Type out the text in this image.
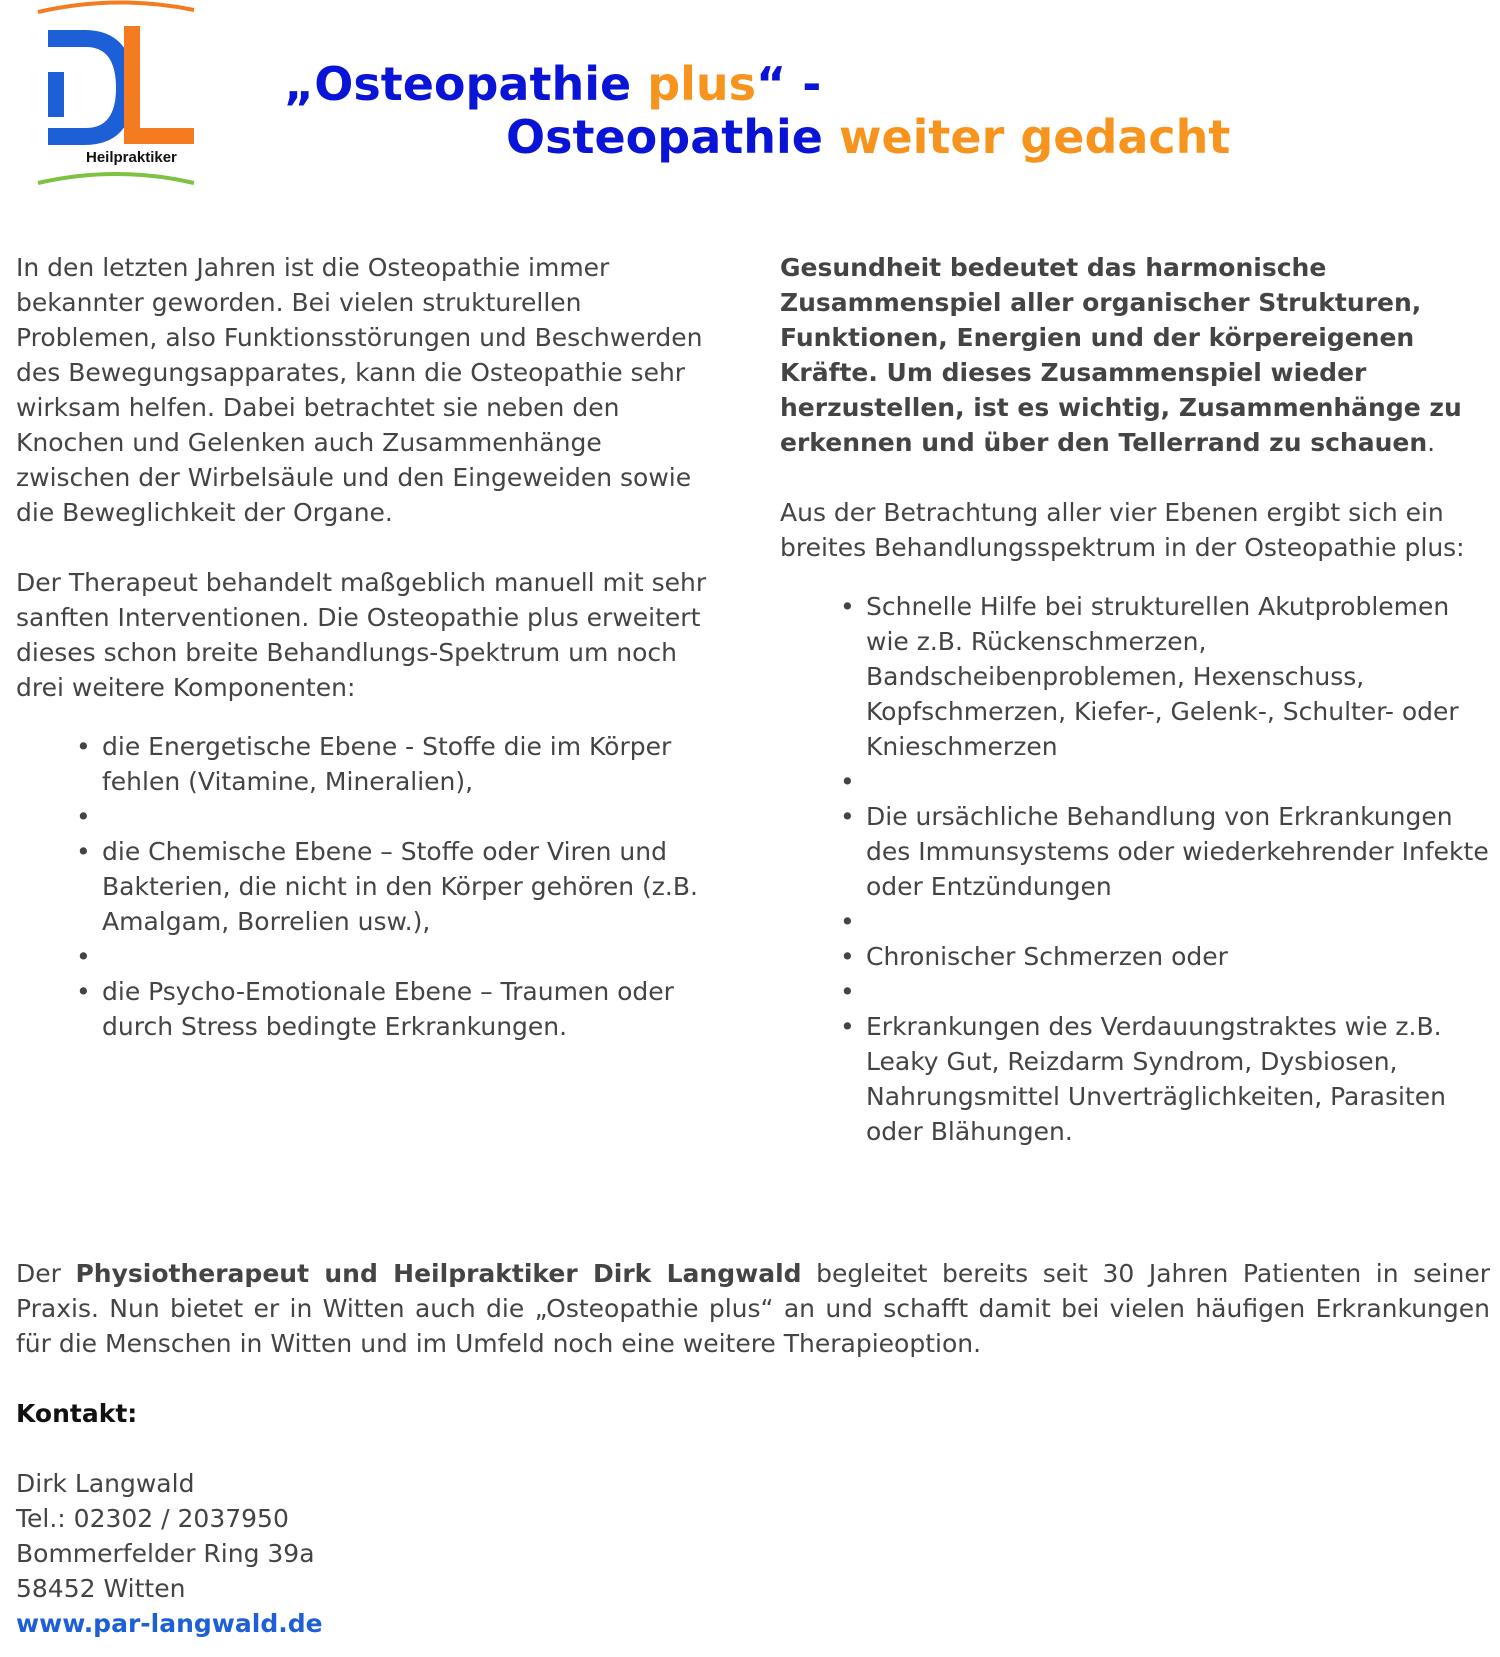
Heilpraktiker
„Osteopathie plus“ -
Osteopathie weiter gedacht

In den letzten Jahren ist die Osteopathie immer bekannter geworden. Bei vielen strukturellen Problemen, also Funktionsstörungen und Beschwerden des Bewegungsapparates, kann die Osteopathie sehr wirksam helfen. Dabei betrachtet sie neben den Knochen und Gelenken auch Zusammenhänge zwischen der Wirbelsäule und den Eingeweiden sowie die Beweglichkeit der Organe.

Der Therapeut behandelt maßgeblich manuell mit sehr sanften Interventionen. Die Osteopathie plus erweitert dieses schon breite Behandlungs-Spektrum um noch drei weitere Komponenten:

• die Energetische Ebene - Stoffe die im Körper fehlen (Vitamine, Mineralien),
•
• die Chemische Ebene – Stoffe oder Viren und Bakterien, die nicht in den Körper gehören (z.B. Amalgam, Borrelien usw.),
•
• die Psycho-Emotionale Ebene – Traumen oder durch Stress bedingte Erkrankungen.

Gesundheit bedeutet das harmonische Zusammenspiel aller organischer Strukturen, Funktionen, Energien und der körpereigenen Kräfte. Um dieses Zusammenspiel wieder herzustellen, ist es wichtig, Zusammenhänge zu erkennen und über den Tellerrand zu schauen.

Aus der Betrachtung aller vier Ebenen ergibt sich ein breites Behandlungsspektrum in der Osteopathie plus:

• Schnelle Hilfe bei strukturellen Akutproblemen wie z.B. Rückenschmerzen, Bandscheibenproblemen, Hexenschuss, Kopfschmerzen, Kiefer-, Gelenk-, Schulter- oder Knieschmerzen
•
• Die ursächliche Behandlung von Erkrankungen des Immunsystems oder wiederkehrender Infekte oder Entzündungen
•
• Chronischer Schmerzen oder
•
• Erkrankungen des Verdauungstraktes wie z.B. Leaky Gut, Reizdarm Syndrom, Dysbiosen, Nahrungsmittel Unverträglichkeiten, Parasiten oder Blähungen.

Der Physiotherapeut und Heilpraktiker Dirk Langwald begleitet bereits seit 30 Jahren Patienten in seiner Praxis. Nun bietet er in Witten auch die „Osteopathie plus“ an und schafft damit bei vielen häufigen Erkrankungen für die Menschen in Witten und im Umfeld noch eine weitere Therapieoption.

Kontakt:
Dirk Langwald
Tel.: 02302 / 2037950
Bommerfelder Ring 39a
58452 Witten
www.par-langwald.de
